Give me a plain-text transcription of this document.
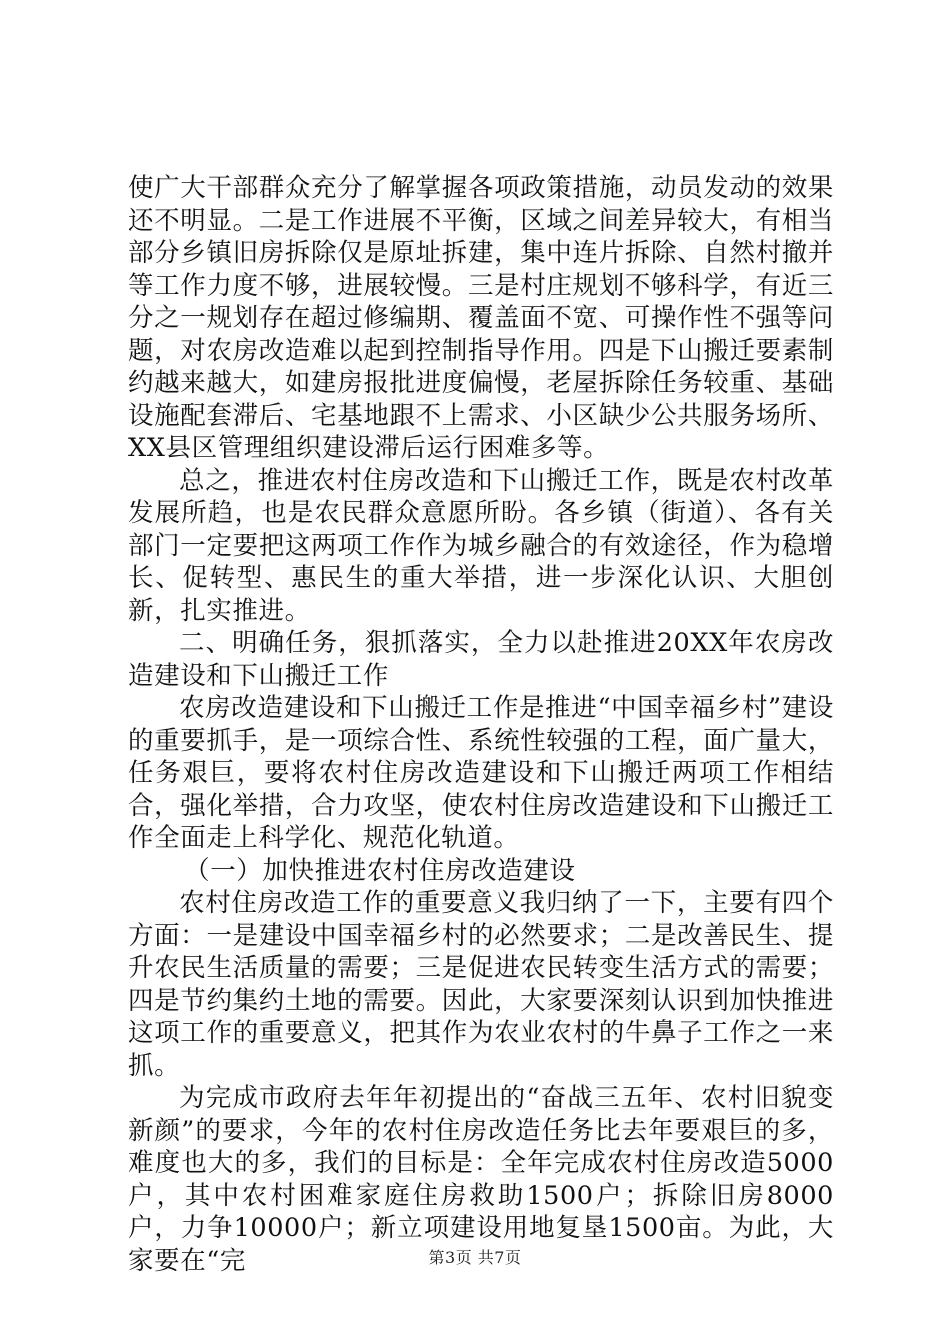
使广大干部群众充分了解掌握各项政策措施，动员发动的效果还不明显。二是工作进展不平衡，区域之间差异较大，有相当部分乡镇旧房拆除仅是原址拆建，集中连片拆除、自然村撤并等工作力度不够，进展较慢。三是村庄规划不够科学，有近三分之一规划存在超过修编期、覆盖面不宽、可操作性不强等问题，对农房改造难以起到控制指导作用。四是下山搬迁要素制约越来越大，如建房报批进度偏慢，老屋拆除任务较重、基础设施配套滞后、宅基地跟不上需求、小区缺少公共服务场所、XX县区管理组织建设滞后运行困难多等。

总之，推进农村住房改造和下山搬迁工作，既是农村改革发展所趋，也是农民群众意愿所盼。各乡镇（街道）、各有关部门一定要把这两项工作作为城乡融合的有效途径，作为稳增长、促转型、惠民生的重大举措，进一步深化认识、大胆创新，扎实推进。

二、明确任务，狠抓落实，全力以赴推进20XX年农房改造建设和下山搬迁工作

农房改造建设和下山搬迁工作是推进“中国幸福乡村”建设的重要抓手，是一项综合性、系统性较强的工程，面广量大，任务艰巨，要将农村住房改造建设和下山搬迁两项工作相结合，强化举措，合力攻坚，使农村住房改造建设和下山搬迁工作全面走上科学化、规范化轨道。

（一）加快推进农村住房改造建设

农村住房改造工作的重要意义我归纳了一下，主要有四个方面：一是建设中国幸福乡村的必然要求；二是改善民生、提升农民生活质量的需要；三是促进农民转变生活方式的需要；四是节约集约土地的需要。因此，大家要深刻认识到加快推进这项工作的重要意义，把其作为农业农村的牛鼻子工作之一来抓。

为完成市政府去年年初提出的“奋战三五年、农村旧貌变新颜”的要求，今年的农村住房改造任务比去年要艰巨的多，难度也大的多，我们的目标是：全年完成农村住房改造5000户，其中农村困难家庭住房救助1500户；拆除旧房8000户，力争10000户；新立项建设用地复垦1500亩。为此，大家要在“完	第3页 共7页
